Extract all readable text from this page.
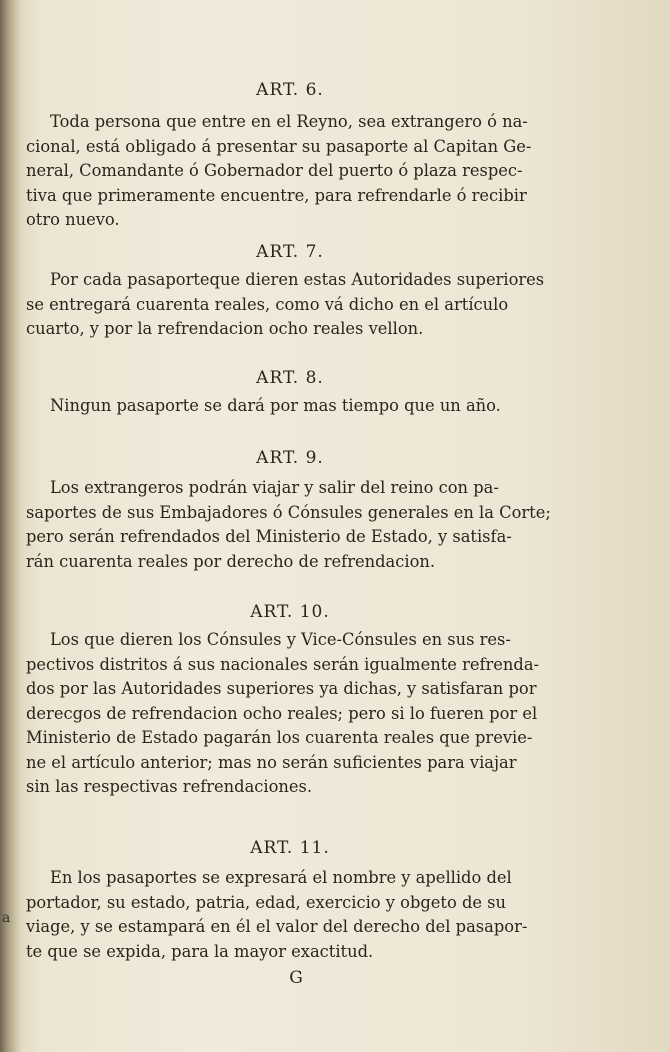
ART. 6.
Toda persona que entre en el Reyno, sea extrangero ó na-
cional, está obligado á presentar su pasaporte al Capitan Ge-
neral, Comandante ó Gobernador del puerto ó plaza respec-
tiva que primeramente encuentre, para refrendarle ó recibir
otro nuevo.
ART. 7.
Por cada pasaporteque dieren estas Autoridades superiores
se entregará cuarenta reales, como vá dicho en el artículo
cuarto, y por la refrendacion ocho reales vellon.
ART. 8.
Ningun pasaporte se dará por mas tiempo que un año.
ART. 9.
Los extrangeros podrán viajar y salir del reino con pa-
saportes de sus Embajadores ó Cónsules generales en la Corte;
pero serán refrendados del Ministerio de Estado, y satisfa-
rán cuarenta reales por derecho de refrendacion.
ART. 10.
Los que dieren los Cónsules y Vice-Cónsules en sus res-
pectivos distritos á sus nacionales serán igualmente refrenda-
dos por las Autoridades superiores ya dichas, y satisfaran por
derecgos de refrendacion ocho reales; pero si lo fueren por el
Ministerio de Estado pagarán los cuarenta reales que previe-
ne el artículo anterior; mas no serán suficientes para viajar
sin las respectivas refrendaciones.
ART. 11.
En los pasaportes se expresará el nombre y apellido del
portador, su estado, patria, edad, exercicio y obgeto de su
viage, y se estampará en él el valor del derecho del pasapor-
te que se expida, para la mayor exactitud.
G
a
